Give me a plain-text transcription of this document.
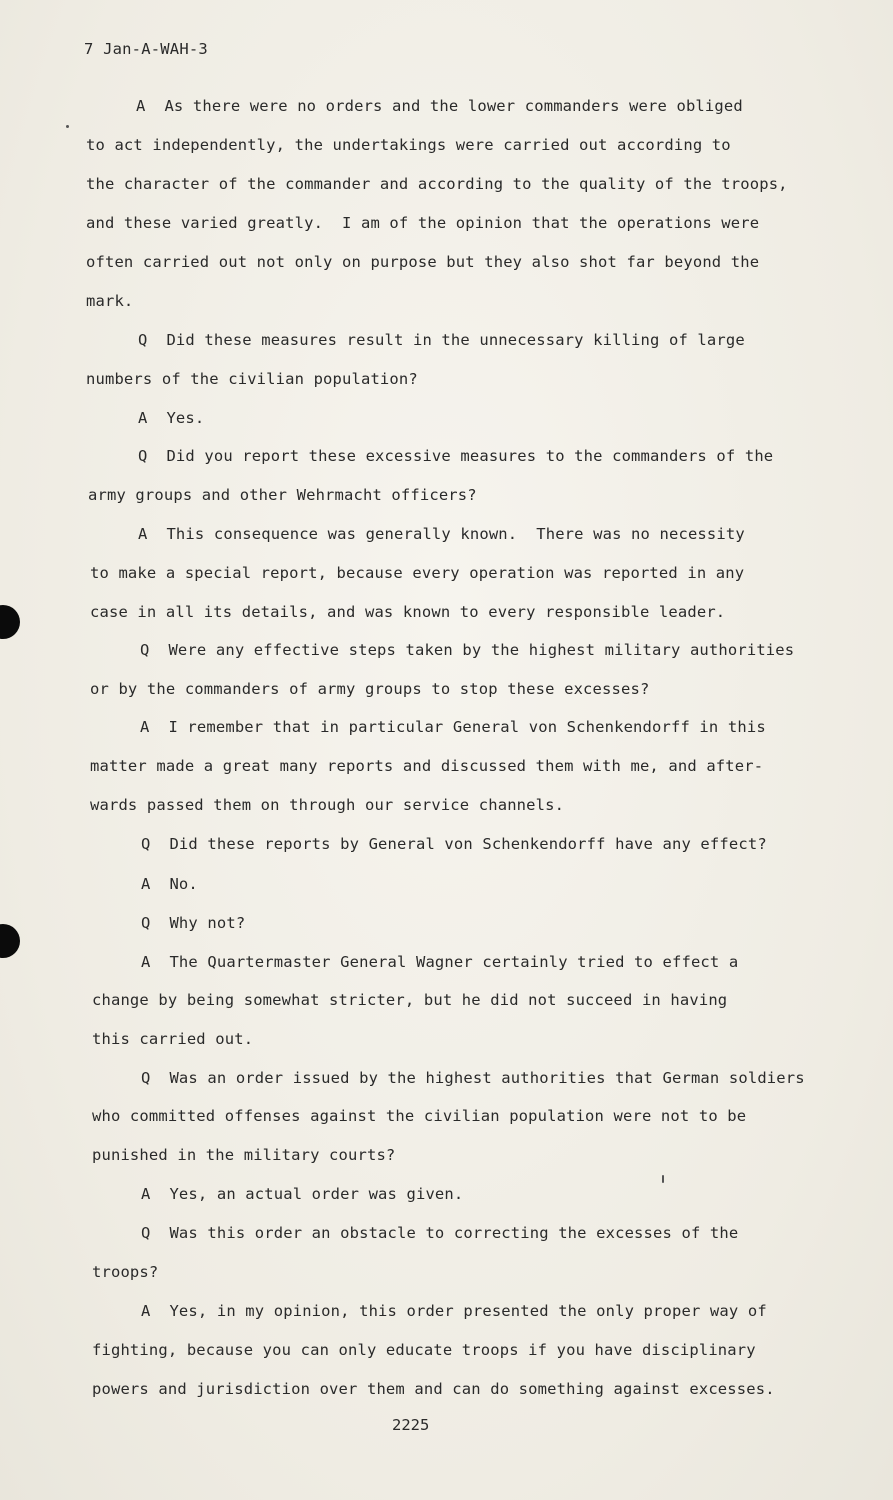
7 Jan-A-WAH-3
A  As there were no orders and the lower commanders were obliged
to act independently, the undertakings were carried out according to
the character of the commander and according to the quality of the troops,
and these varied greatly.  I am of the opinion that the operations were
often carried out not only on purpose but they also shot far beyond the
mark.
Q  Did these measures result in the unnecessary killing of large
numbers of the civilian population?
A  Yes.
Q  Did you report these excessive measures to the commanders of the
army groups and other Wehrmacht officers?
A  This consequence was generally known.  There was no necessity
to make a special report, because every operation was reported in any
case in all its details, and was known to every responsible leader.
Q  Were any effective steps taken by the highest military authorities
or by the commanders of army groups to stop these excesses?
A  I remember that in particular General von Schenkendorff in this
matter made a great many reports and discussed them with me, and after-
wards passed them on through our service channels.
Q  Did these reports by General von Schenkendorff have any effect?
A  No.
Q  Why not?
A  The Quartermaster General Wagner certainly tried to effect a
change by being somewhat stricter, but he did not succeed in having
this carried out.
Q  Was an order issued by the highest authorities that German soldiers
who committed offenses against the civilian population were not to be
punished in the military courts?
A  Yes, an actual order was given.
Q  Was this order an obstacle to correcting the excesses of the
troops?
A  Yes, in my opinion, this order presented the only proper way of
fighting, because you can only educate troops if you have disciplinary
powers and jurisdiction over them and can do something against excesses.
2225
